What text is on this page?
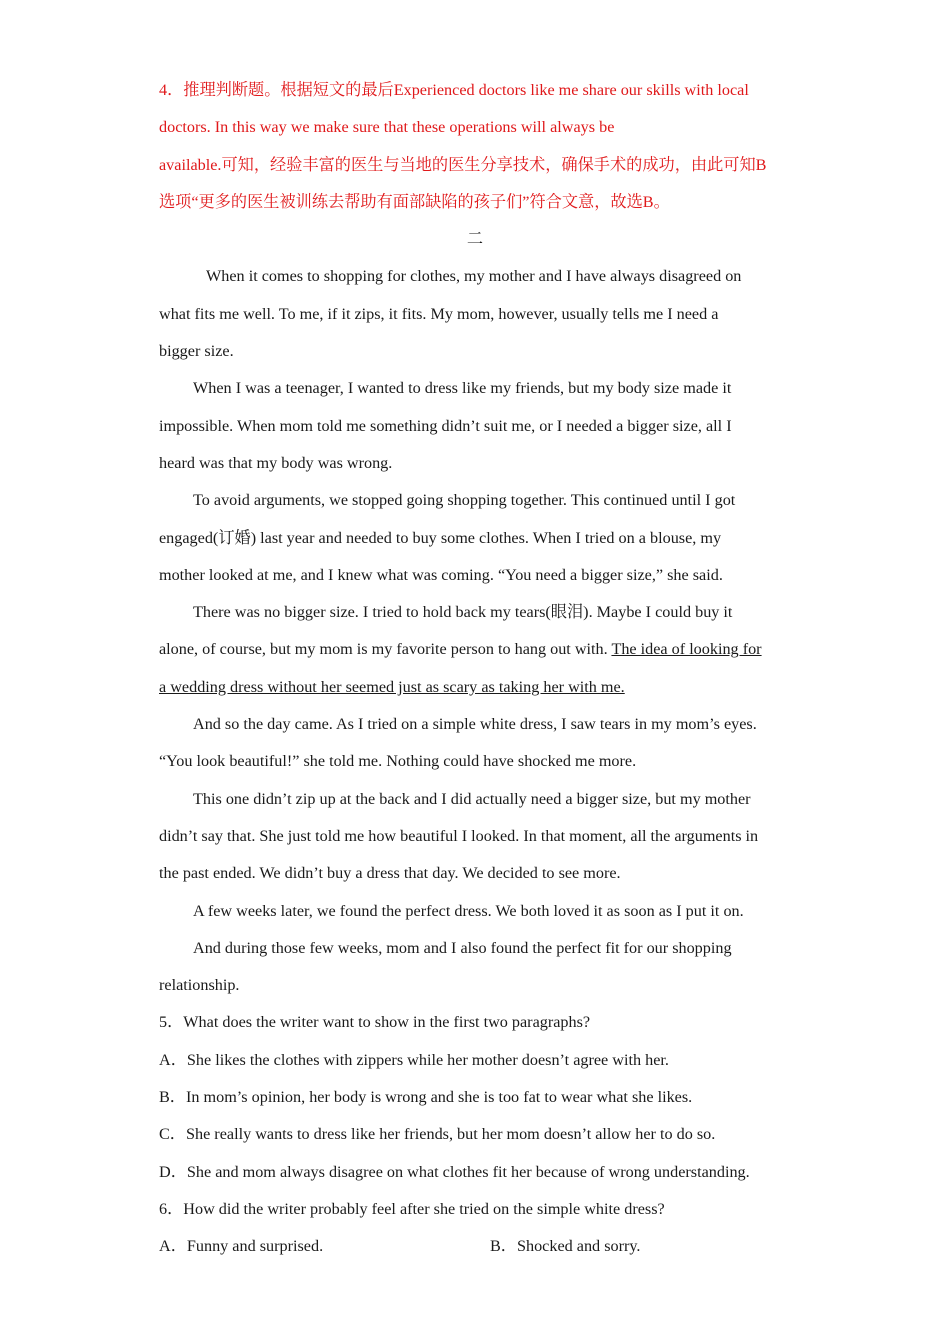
4．推理判断题。根据短文的最后Experienced doctors like me share our skills with local
doctors. In this way we make sure that these operations will always be
available.可知，经验丰富的医生与当地的医生分享技术，确保手术的成功，由此可知B
选项“更多的医生被训练去帮助有面部缺陷的孩子们”符合文意，故选B。
二
When it comes to shopping for clothes, my mother and I have always disagreed on
what fits me well. To me, if it zips, it fits. My mom, however, usually tells me I need a
bigger size.
When I was a teenager, I wanted to dress like my friends, but my body size made it
impossible. When mom told me something didn’t suit me, or I needed a bigger size, all I
heard was that my body was wrong.
To avoid arguments, we stopped going shopping together. This continued until I got
engaged(订婚) last year and needed to buy some clothes. When I tried on a blouse, my
mother looked at me, and I knew what was coming. “You need a bigger size,” she said.
There was no bigger size. I tried to hold back my tears(眼泪). Maybe I could buy it
alone, of course, but my mom is my favorite person to hang out with. The idea of looking for
a wedding dress without her seemed just as scary as taking her with me.
And so the day came. As I tried on a simple white dress, I saw tears in my mom’s eyes.
“You look beautiful!” she told me. Nothing could have shocked me more.
This one didn’t zip up at the back and I did actually need a bigger size, but my mother
didn’t say that. She just told me how beautiful I looked. In that moment, all the arguments in
the past ended. We didn’t buy a dress that day. We decided to see more.
A few weeks later, we found the perfect dress. We both loved it as soon as I put it on.
And during those few weeks, mom and I also found the perfect fit for our shopping
relationship.
5．What does the writer want to show in the first two paragraphs?
A．She likes the clothes with zippers while her mother doesn’t agree with her.
B．In mom’s opinion, her body is wrong and she is too fat to wear what she likes.
C．She really wants to dress like her friends, but her mom doesn’t allow her to do so.
D．She and mom always disagree on what clothes fit her because of wrong understanding.
6．How did the writer probably feel after she tried on the simple white dress?
A．Funny and surprised.	B．Shocked and sorry.
